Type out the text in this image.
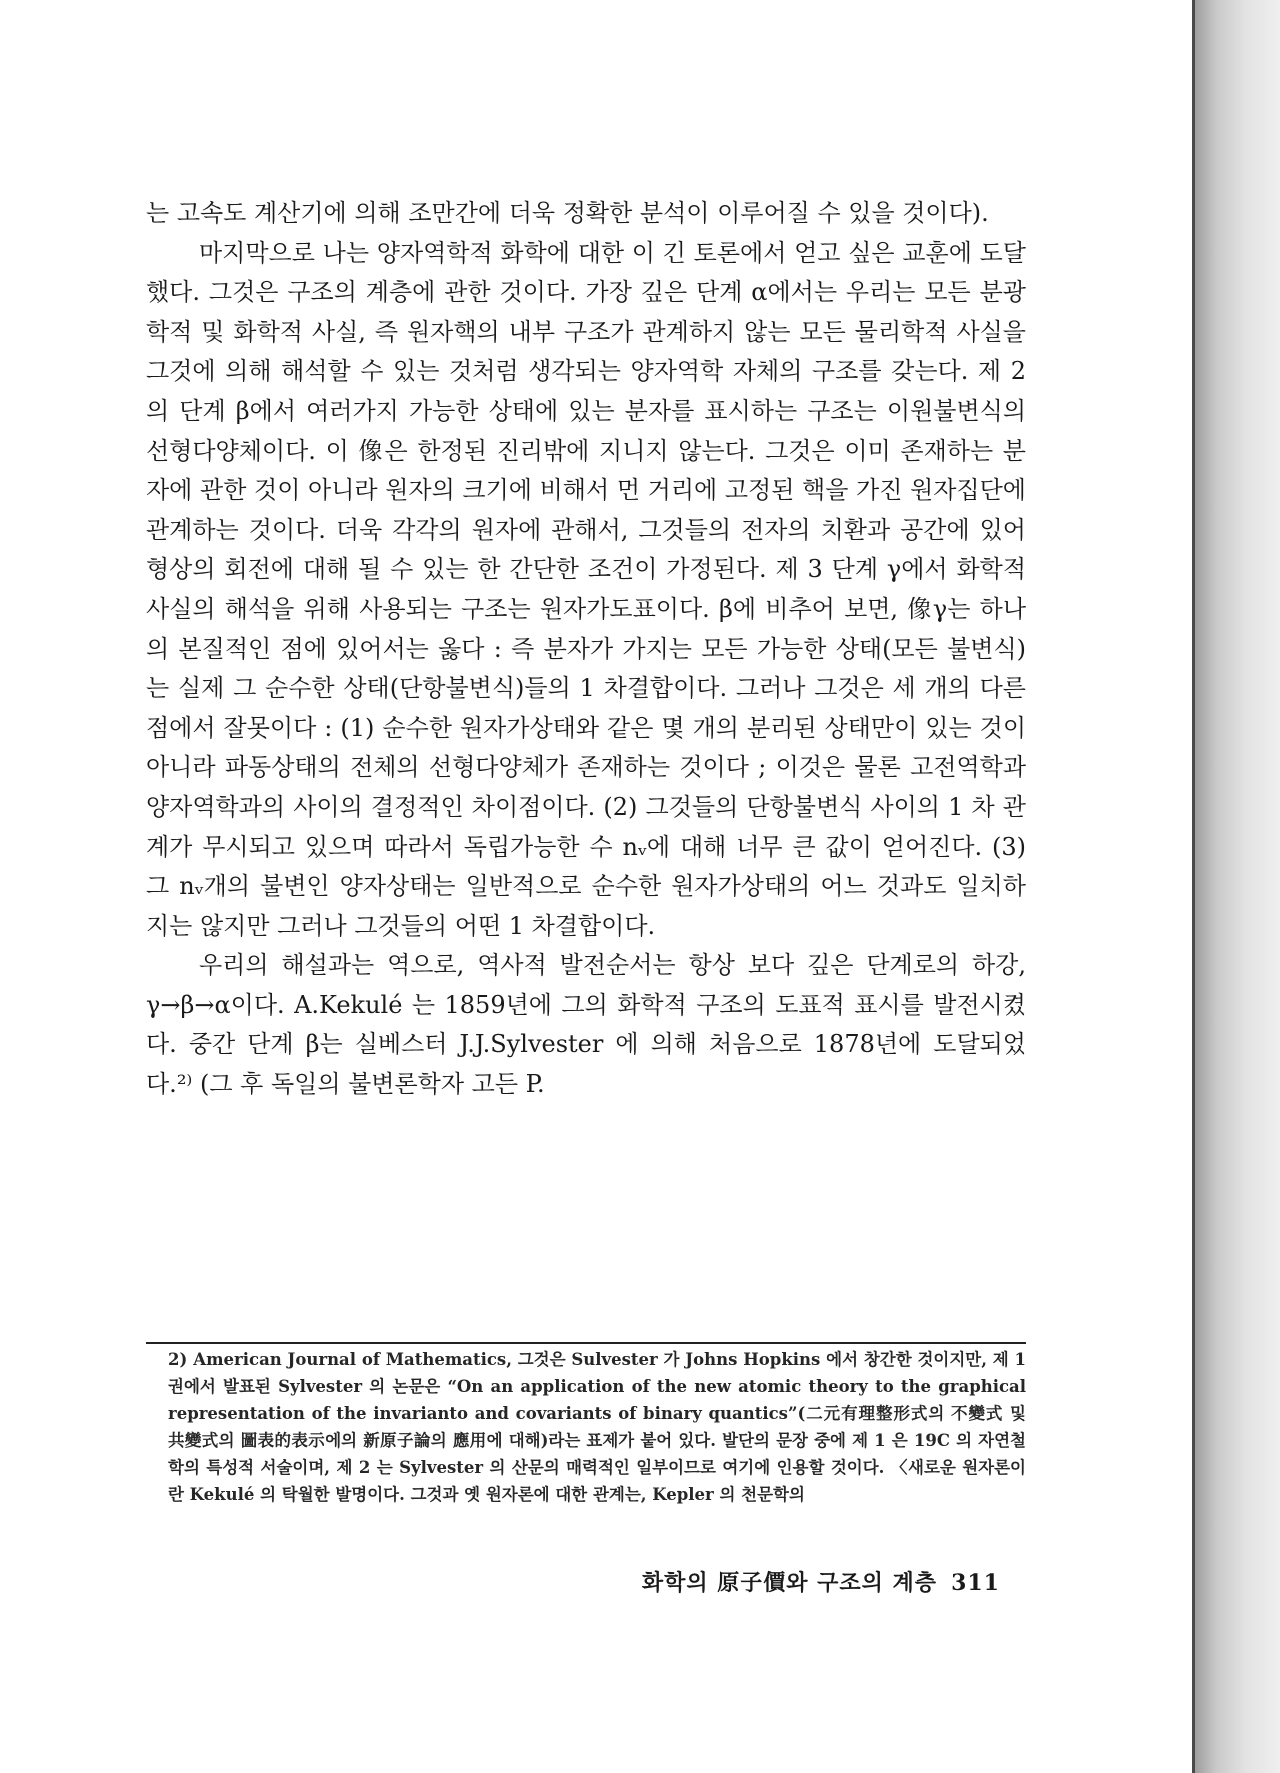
는 고속도 계산기에 의해 조만간에 더욱 정확한 분석이 이루어질 수 있을 것이다).

마지막으로 나는 양자역학적 화학에 대한 이 긴 토론에서 얻고 싶은 교훈에 도달했다. 그것은 구조의 계층에 관한 것이다. 가장 깊은 단계 α에서는 우리는 모든 분광학적 및 화학적 사실, 즉 원자핵의 내부 구조가 관계하지 않는 모든 물리학적 사실을 그것에 의해 해석할 수 있는 것처럼 생각되는 양자역학 자체의 구조를 갖는다. 제 2 의 단계 β에서 여러가지 가능한 상태에 있는 분자를 표시하는 구조는 이원불변식의 선형다양체이다. 이 像은 한정된 진리밖에 지니지 않는다. 그것은 이미 존재하는 분자에 관한 것이 아니라 원자의 크기에 비해서 먼 거리에 고정된 핵을 가진 원자집단에 관계하는 것이다. 더욱 각각의 원자에 관해서, 그것들의 전자의 치환과 공간에 있어 형상의 회전에 대해 될 수 있는 한 간단한 조건이 가정된다. 제 3 단계 γ에서 화학적 사실의 해석을 위해 사용되는 구조는 원자가도표이다. β에 비추어 보면, 像γ는 하나의 본질적인 점에 있어서는 옳다 : 즉 분자가 가지는 모든 가능한 상태(모든 불변식)는 실제 그 순수한 상태(단항불변식)들의 1 차결합이다. 그러나 그것은 세 개의 다른 점에서 잘못이다 : (1) 순수한 원자가상태와 같은 몇 개의 분리된 상태만이 있는 것이 아니라 파동상태의 전체의 선형다양체가 존재하는 것이다 ; 이것은 물론 고전역학과 양자역학과의 사이의 결정적인 차이점이다. (2) 그것들의 단항불변식 사이의 1 차 관계가 무시되고 있으며 따라서 독립가능한 수 nᵥ에 대해 너무 큰 값이 얻어진다. (3) 그 nᵥ개의 불변인 양자상태는 일반적으로 순수한 원자가상태의 어느 것과도 일치하지는 않지만 그러나 그것들의 어떤 1 차결합이다.

우리의 해설과는 역으로, 역사적 발전순서는 항상 보다 깊은 단계로의 하강, γ→β→α이다. A.Kekulé 는 1859년에 그의 화학적 구조의 도표적 표시를 발전시켰다. 중간 단계 β는 실베스터 J.J.Sylvester 에 의해 처음으로 1878년에 도달되었다.²⁾ (그 후 독일의 불변론학자 고든 P.

2) American Journal of Mathematics, 그것은 Sulvester 가 Johns Hopkins 에서 창간한 것이지만, 제 1 권에서 발표된 Sylvester 의 논문은 “On an application of the new atomic theory to the graphical representation of the invarianto and covariants of binary quantics”(二元有理整形式의 不變式 및 共變式의 圖表的表示에의 新原子論의 應用에 대해)라는 표제가 붙어 있다. 발단의 문장 중에 제 1 은 19C 의 자연철학의 특성적 서술이며, 제 2 는 Sylvester 의 산문의 매력적인 일부이므로 여기에 인용할 것이다. 〈새로운 원자론이란 Kekulé 의 탁월한 발명이다. 그것과 옛 원자론에 대한 관계는, Kepler 의 천문학의
화학의 原子價와 구조의 계층 311
